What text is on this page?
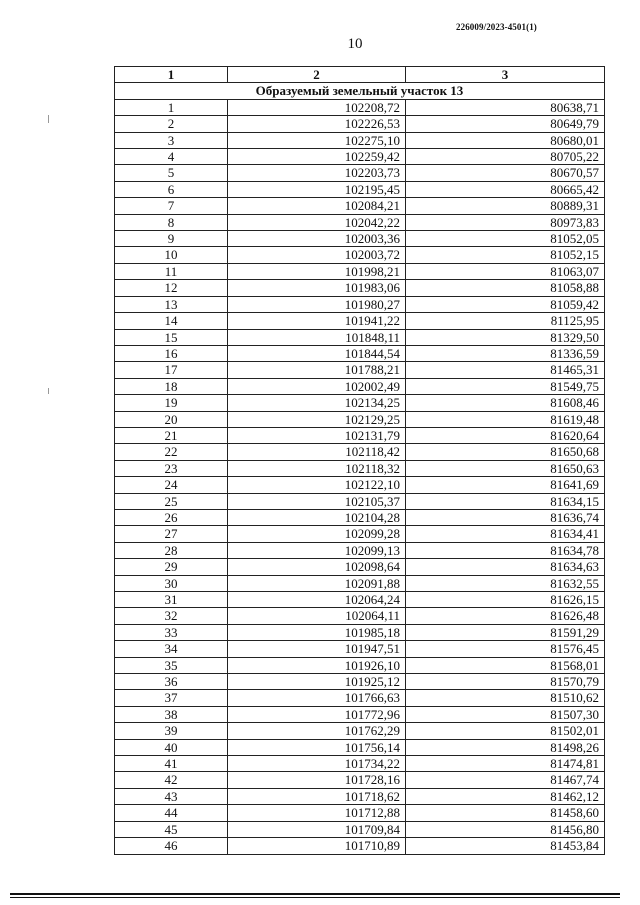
226009/2023-4501(1)
10
1	2	3
Образуемый земельный участок 13		
1	102208,72	80638,71
2	102226,53	80649,79
3	102275,10	80680,01
4	102259,42	80705,22
5	102203,73	80670,57
6	102195,45	80665,42
7	102084,21	80889,31
8	102042,22	80973,83
9	102003,36	81052,05
10	102003,72	81052,15
11	101998,21	81063,07
12	101983,06	81058,88
13	101980,27	81059,42
14	101941,22	81125,95
15	101848,11	81329,50
16	101844,54	81336,59
17	101788,21	81465,31
18	102002,49	81549,75
19	102134,25	81608,46
20	102129,25	81619,48
21	102131,79	81620,64
22	102118,42	81650,68
23	102118,32	81650,63
24	102122,10	81641,69
25	102105,37	81634,15
26	102104,28	81636,74
27	102099,28	81634,41
28	102099,13	81634,78
29	102098,64	81634,63
30	102091,88	81632,55
31	102064,24	81626,15
32	102064,11	81626,48
33	101985,18	81591,29
34	101947,51	81576,45
35	101926,10	81568,01
36	101925,12	81570,79
37	101766,63	81510,62
38	101772,96	81507,30
39	101762,29	81502,01
40	101756,14	81498,26
41	101734,22	81474,81
42	101728,16	81467,74
43	101718,62	81462,12
44	101712,88	81458,60
45	101709,84	81456,80
46	101710,89	81453,84
